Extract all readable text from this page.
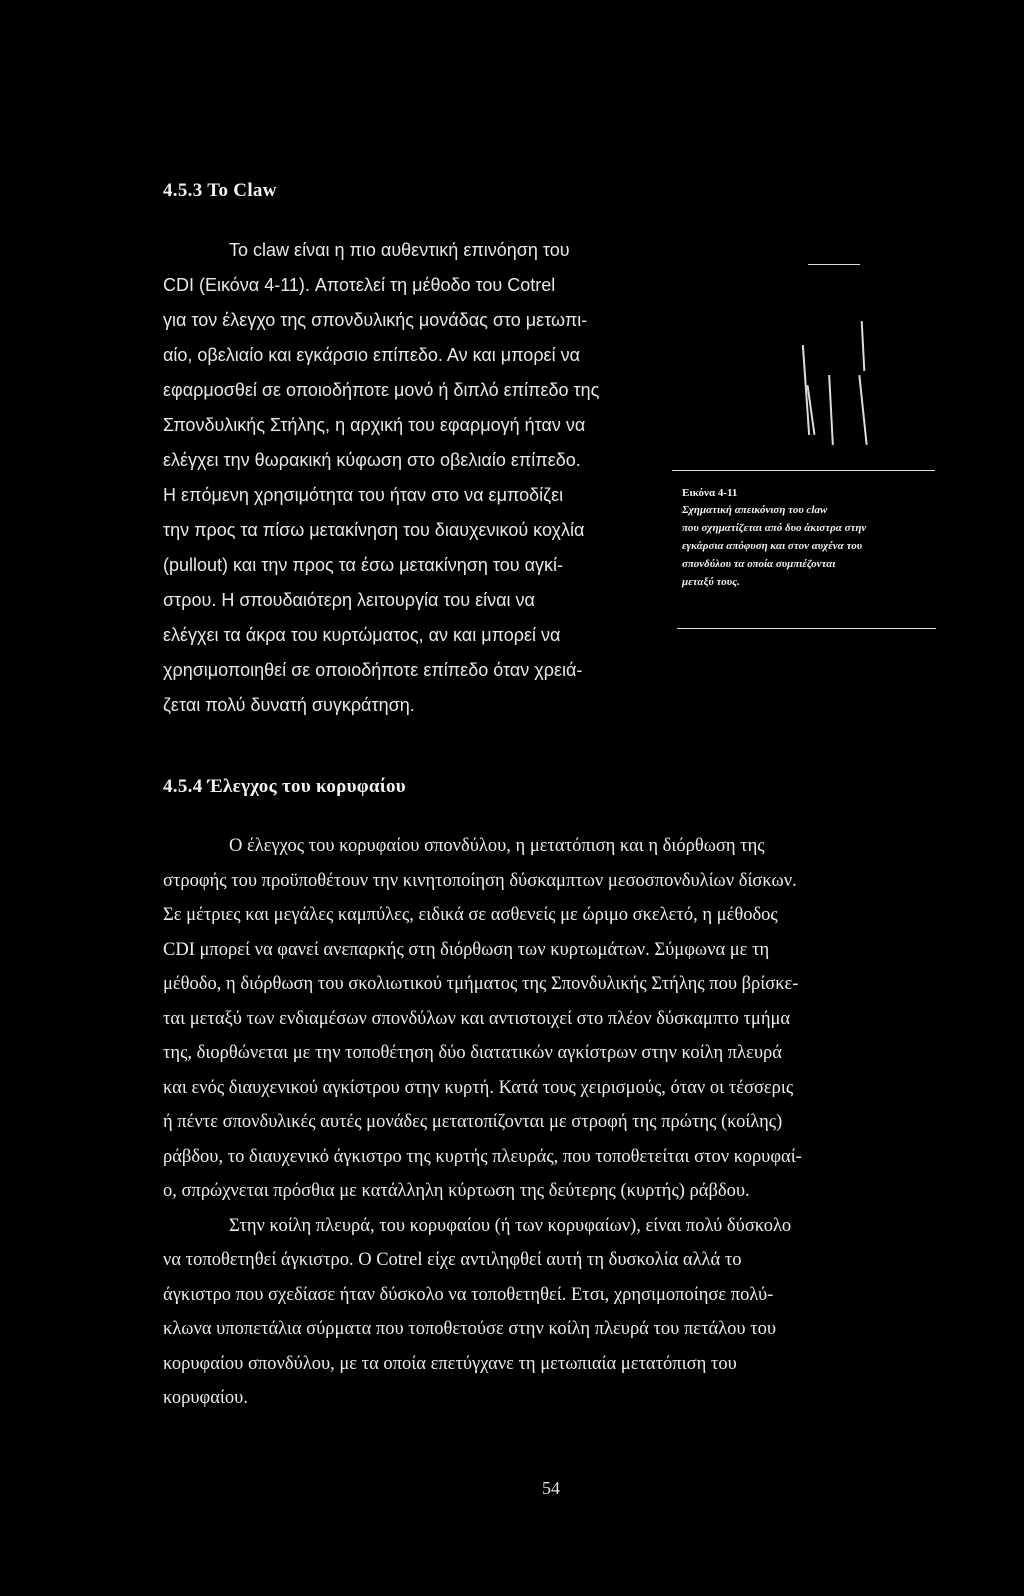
4.5.3 Το Claw
Το claw είναι η πιο αυθεντική επινόηση του
CDI (Εικόνα 4-11). Αποτελεί τη μέθοδο του Cotrel
για τον έλεγχο της σπονδυλικής μονάδας στο μετωπι-
αίο, οβελιαίο και εγκάρσιο επίπεδο. Αν και μπορεί να
εφαρμοσθεί σε οποιοδήποτε μονό ή διπλό επίπεδο της
Σπονδυλικής Στήλης, η αρχική του εφαρμογή ήταν να
ελέγχει την θωρακική κύφωση στο οβελιαίο επίπεδο.
Η επόμενη χρησιμότητα του ήταν στο να εμποδίζει
την προς τα πίσω μετακίνηση του διαυχενικού κοχλία
(pullout) και την προς τα έσω μετακίνηση του αγκί-
στρου. Η σπουδαιότερη λειτουργία του είναι να
ελέγχει τα άκρα του κυρτώματος, αν και μπορεί να
χρησιμοποιηθεί σε οποιοδήποτε επίπεδο όταν χρειά-
ζεται πολύ δυνατή συγκράτηση.
Εικόνα 4-11
Σχηματική απεικόνιση του claw
που σχηματίζεται από δυο άκιστρα στην
εγκάρσια απόφυση και στον αυχένα του
σπονδύλου τα οποία συμπιέζονται
μεταξύ τους.
4.5.4 Έλεγχος του κορυφαίου
Ο έλεγχος του κορυφαίου σπονδύλου, η μετατόπιση και η διόρθωση της
στροφής του προϋποθέτουν την κινητοποίηση δύσκαμπτων μεσοσπονδυλίων δίσκων.
Σε μέτριες και μεγάλες καμπύλες, ειδικά σε ασθενείς με ώριμο σκελετό, η μέθοδος
CDI μπορεί να φανεί ανεπαρκής στη διόρθωση των κυρτωμάτων. Σύμφωνα με τη
μέθοδο, η διόρθωση του σκολιωτικού τμήματος της Σπονδυλικής Στήλης που βρίσκε-
ται μεταξύ των ενδιαμέσων σπονδύλων και αντιστοιχεί στο πλέον δύσκαμπτο τμήμα
της, διορθώνεται με την τοποθέτηση δύο διατατικών αγκίστρων στην κοίλη πλευρά
και ενός διαυχενικού αγκίστρου στην κυρτή. Κατά τους χειρισμούς, όταν οι τέσσερις
ή πέντε σπονδυλικές αυτές μονάδες μετατοπίζονται με στροφή της πρώτης (κοίλης)
ράβδου, το διαυχενικό άγκιστρο της κυρτής πλευράς, που τοποθετείται στον κορυφαί-
ο, σπρώχνεται πρόσθια με κατάλληλη κύρτωση της δεύτερης (κυρτής) ράβδου.
Στην κοίλη πλευρά, του κορυφαίου (ή των κορυφαίων), είναι πολύ δύσκολο
να τοποθετηθεί άγκιστρο. Ο Cotrel είχε αντιληφθεί αυτή τη δυσκολία αλλά το
άγκιστρο που σχεδίασε ήταν δύσκολο να τοποθετηθεί. Ετσι, χρησιμοποίησε πολύ-
κλωνα υποπετάλια σύρματα που τοποθετούσε στην κοίλη πλευρά του πετάλου του
κορυφαίου σπονδύλου, με τα οποία επετύγχανε τη μετωπιαία μετατόπιση του
κορυφαίου.
54
